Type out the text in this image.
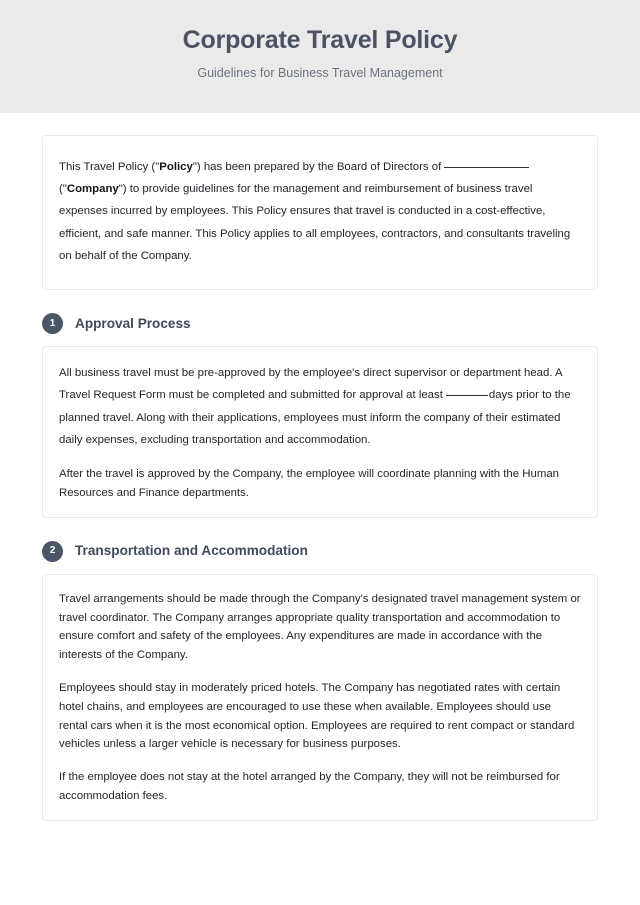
Corporate Travel Policy

Guidelines for Business Travel Management

This Travel Policy ("Policy") has been prepared by the Board of Directors of ("Company") to provide guidelines for the management and reimbursement of business travel expenses incurred by employees. This Policy ensures that travel is conducted in a cost-effective, efficient, and safe manner. This Policy applies to all employees, contractors, and consultants traveling on behalf of the Company.

1	Approval Process

All business travel must be pre-approved by the employee's direct supervisor or department head. A Travel Request Form must be completed and submitted for approval at least	days prior to the planned travel. Along with their applications, employees must inform the company of their estimated daily expenses, excluding transportation and accommodation.

After the travel is approved by the Company, the employee will coordinate planning with the Human Resources and Finance departments.

2	Transportation and Accommodation

Travel arrangements should be made through the Company's designated travel management system or travel coordinator. The Company arranges appropriate quality transportation and accommodation to ensure comfort and safety of the employees. Any expenditures are made in accordance with the interests of the Company.

Employees should stay in moderately priced hotels. The Company has negotiated rates with certain hotel chains, and employees are encouraged to use these when available. Employees should use rental cars when it is the most economical option. Employees are required to rent compact or standard vehicles unless a larger vehicle is necessary for business purposes.

If the employee does not stay at the hotel arranged by the Company, they will not be reimbursed for accommodation fees.
